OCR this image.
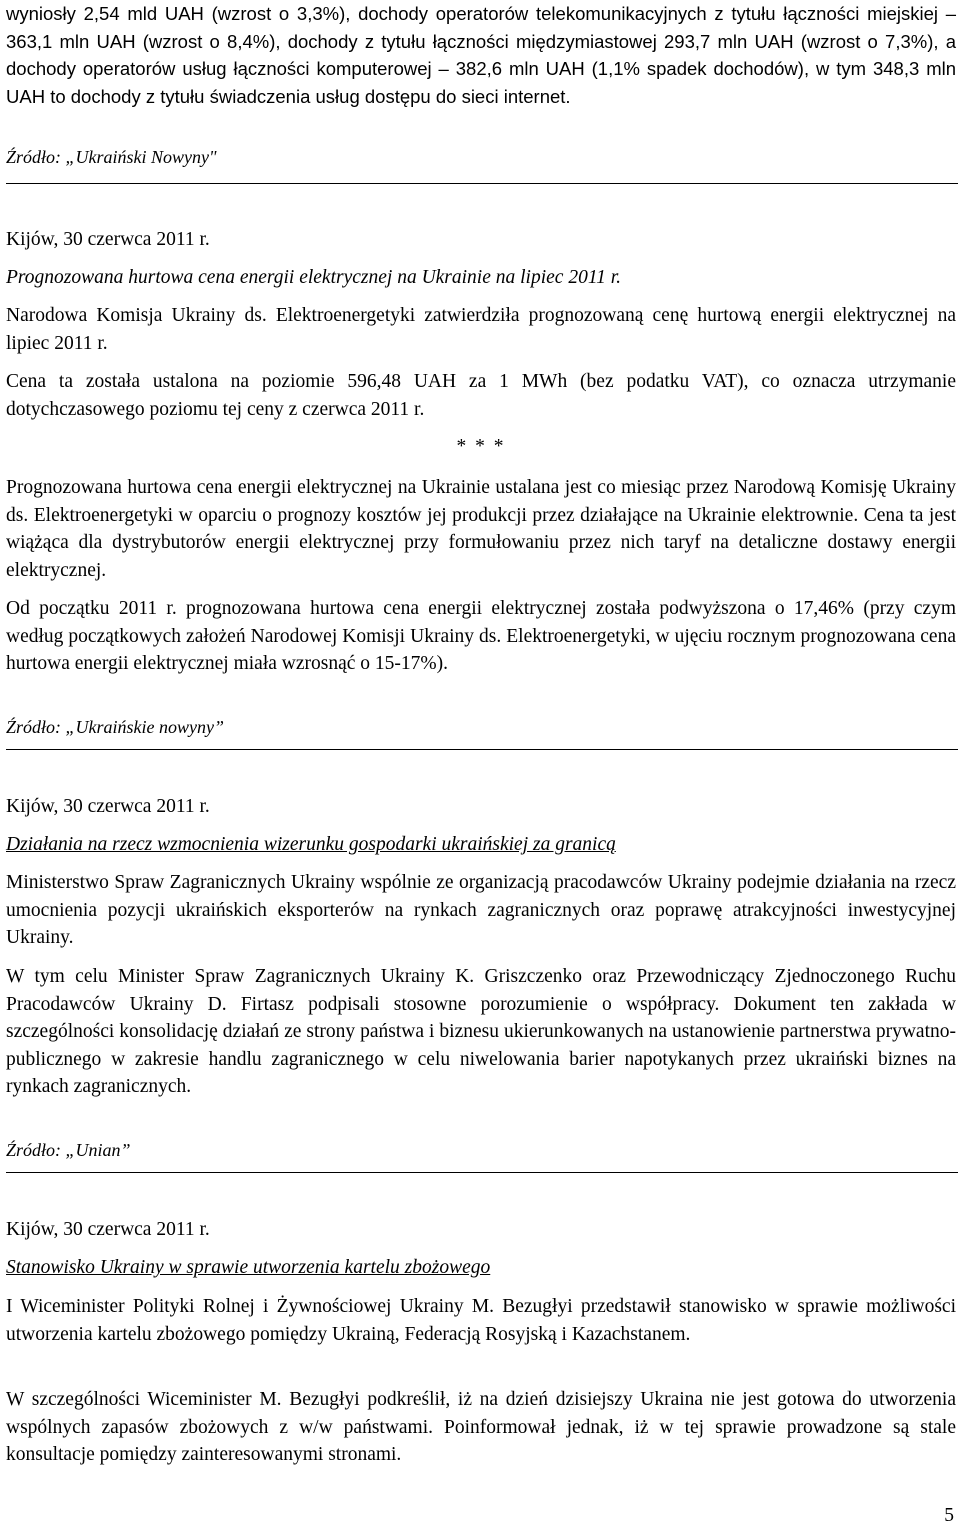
wyniosły 2,54 mld UAH (wzrost o 3,3%), dochody operatorów telekomunikacyjnych z tytułu łączności miejskiej – 363,1 mln UAH (wzrost o 8,4%), dochody z tytułu łączności międzymiastowej 293,7 mln UAH (wzrost o 7,3%), a dochody operatorów usług łączności komputerowej – 382,6 mln UAH (1,1% spadek dochodów), w tym 348,3 mln UAH to dochody z tytułu świadczenia usług dostępu do sieci internet.

Źródło: „Ukraiński Nowyny"

Kijów, 30 czerwca 2011 r.

Prognozowana hurtowa cena energii elektrycznej na Ukrainie na lipiec 2011 r.

Narodowa Komisja Ukrainy ds. Elektroenergetyki zatwierdziła prognozowaną cenę hurtową energii elektrycznej na lipiec 2011 r.

Cena ta została ustalona na poziomie 596,48 UAH za 1 MWh (bez podatku VAT), co oznacza utrzymanie dotychczasowego poziomu tej ceny z czerwca 2011 r.

* * *

Prognozowana hurtowa cena energii elektrycznej na Ukrainie ustalana jest co miesiąc przez Narodową Komisję Ukrainy ds. Elektroenergetyki w oparciu o prognozy kosztów jej produkcji przez działające na Ukrainie elektrownie. Cena ta jest wiążąca dla dystrybutorów energii elektrycznej przy formułowaniu przez nich taryf na detaliczne dostawy energii elektrycznej.

Od początku 2011 r. prognozowana hurtowa cena energii elektrycznej została podwyższona o 17,46% (przy czym według początkowych założeń Narodowej Komisji Ukrainy ds. Elektroenergetyki, w ujęciu rocznym prognozowana cena hurtowa energii elektrycznej miała wzrosnąć o 15-17%).

Źródło: „Ukraińskie nowyny”

Kijów, 30 czerwca 2011 r.

Działania na rzecz wzmocnienia wizerunku gospodarki ukraińskiej za granicą

Ministerstwo Spraw Zagranicznych Ukrainy wspólnie ze organizacją pracodawców Ukrainy podejmie działania na rzecz umocnienia pozycji ukraińskich eksporterów na rynkach zagranicznych oraz poprawę atrakcyjności inwestycyjnej Ukrainy.

W tym celu Minister Spraw Zagranicznych Ukrainy K. Griszczenko oraz Przewodniczący Zjednoczonego Ruchu Pracodawców Ukrainy D. Firtasz podpisali stosowne porozumienie o współpracy. Dokument ten zakłada w szczególności konsolidację działań ze strony państwa i biznesu ukierunkowanych na ustanowienie partnerstwa prywatno-publicznego w zakresie handlu zagranicznego w celu niwelowania barier napotykanych przez ukraiński biznes na rynkach zagranicznych.

Źródło: „Unian”

Kijów, 30 czerwca 2011 r.

Stanowisko Ukrainy w sprawie utworzenia kartelu zbożowego

I Wiceminister Polityki Rolnej i Żywnościowej Ukrainy M. Bezugłyi przedstawił stanowisko w sprawie możliwości utworzenia kartelu zbożowego pomiędzy Ukrainą, Federacją Rosyjską i Kazachstanem.

W szczególności Wiceminister M. Bezugłyi podkreślił, iż na dzień dzisiejszy Ukraina nie jest gotowa do utworzenia wspólnych zapasów zbożowych z w/w państwami. Poinformował jednak, iż w tej sprawie prowadzone są stale konsultacje pomiędzy zainteresowanymi stronami.

5
